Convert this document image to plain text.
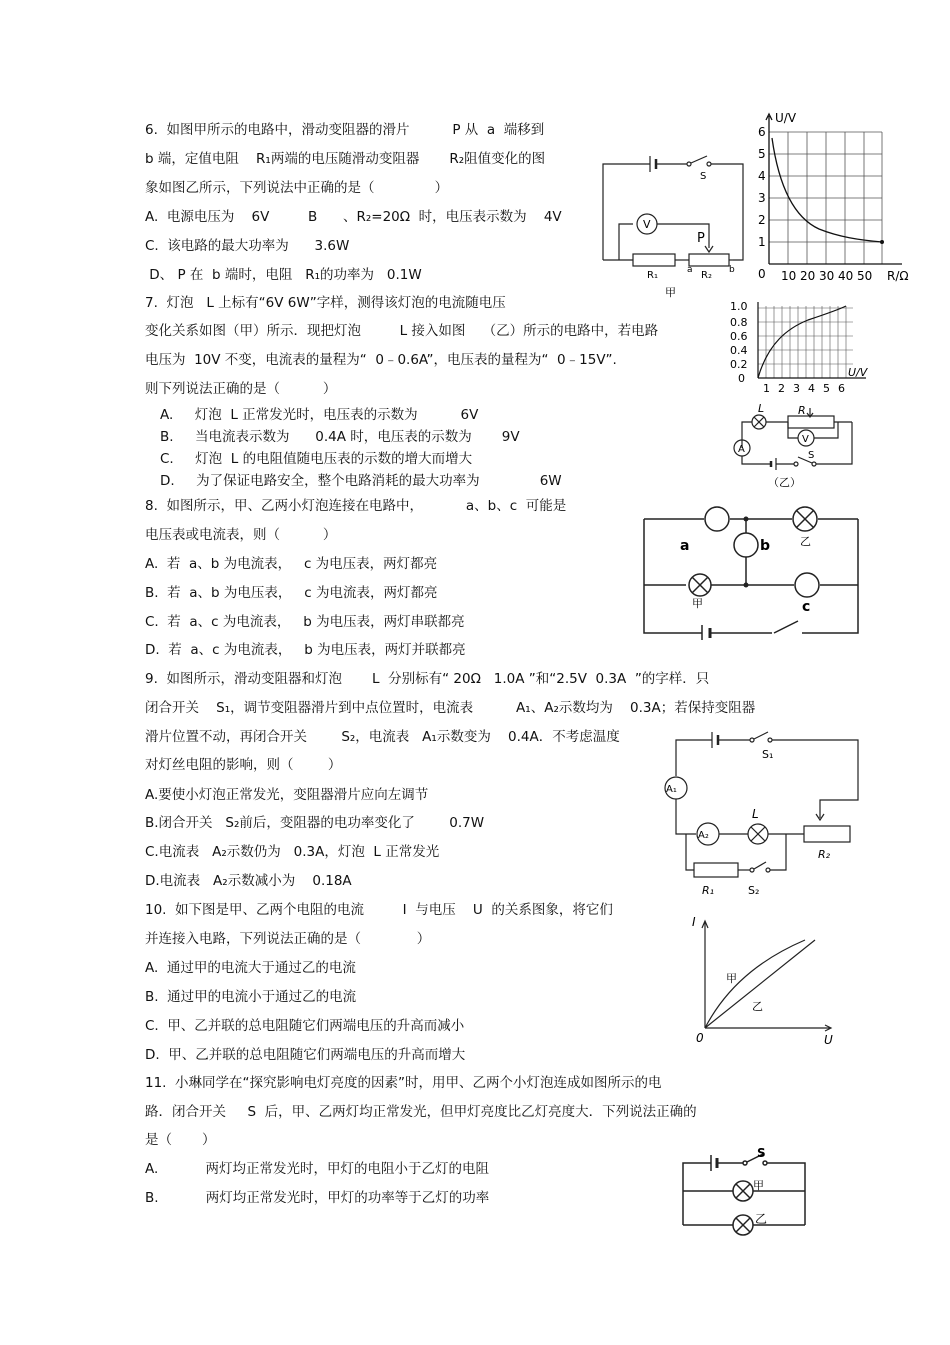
6.  如图甲所示的电路中，滑动变阻器的滑片          P 从  a  端移到
b 端，定值电阻    R₁两端的电压随滑动变阻器       R₂阻值变化的图
象如图乙所示，下列说法中正确的是（              ）
A.  电源电压为    6V         B      、R₂=20Ω  时，电压表示数为    4V
C.  该电路的最大功率为      3.6W
D、 P 在  b 端时，电阻   R₁的功率为   0.1W
S
V
P
R₁	a R₂ b
甲
U/V
R/Ω
0
1
2
3
4
5
6
10 20 30 40 50
7.  灯泡   L 上标有“6V 6W”字样，测得该灯泡的电流随电压
变化关系如图（甲）所示．现把灯泡         L 接入如图    （乙）所示的电路中，若电路
电压为  10V 不变，电流表的量程为“  0﹣0.6A”，电压表的量程为“  0﹣15V”.
则下列说法正确的是（          ）
A.     灯泡  L 正常发光时，电压表的示数为          6V
B.     当电流表示数为      0.4A 时，电压表的示数为       9V
C.     灯泡  L 的电阻值随电压表的示数的增大而增大
D.     为了保证电路安全，整个电路消耗的最大功率为              6W
0
0.2
0.4
0.6
0.8
1.0
1 2 3 4 5 6
U/V
L	R
V
A
S
（乙）
8.  如图所示，甲、乙两小灯泡连接在电路中，          a、b、c  可能是
电压表或电流表，则（          ）
A.  若  a、b 为电流表，   c 为电压表，两灯都亮
B.  若  a、b 为电压表，   c 为电流表，两灯都亮
C.  若  a、c 为电流表，   b 为电压表，两灯串联都亮
D.  若  a、c 为电流表，   b 为电压表，两灯并联都亮
a	b
c
乙
甲
9.  如图所示，滑动变阻器和灯泡       L  分别标有“ 20Ω   1.0A ”和“2.5V  0.3A  ”的字样．只
闭合开关    S₁，调节变阻器滑片到中点位置时，电流表          A₁、A₂示数均为    0.3A；若保持变阻器
滑片位置不动，再闭合开关        S₂，电流表   A₁示数变为    0.4A．不考虑温度
对灯丝电阻的影响，则（        ）
A.要使小灯泡正常发光，变阻器滑片应向左调节
B.闭合开关   S₂前后，变阻器的电功率变化了        0.7W
C.电流表   A₂示数仍为   0.3A，灯泡  L 正常发光
D.电流表   A₂示数减小为    0.18A
S₁
A₁
A₂
L
R₂
R₁	S₂
10.  如下图是甲、乙两个电阻的电流         I  与电压    U  的关系图象，将它们
并连接入电路，下列说法正确的是（             ）
A.  通过甲的电流大于通过乙的电流
B.  通过甲的电流小于通过乙的电流
C.  甲、乙并联的总电阻随它们两端电压的升高而减小
D.  甲、乙并联的总电阻随它们两端电压的升高而增大
I
U
0
甲
乙
11.  小琳同学在“探究影响电灯亮度的因素”时，用甲、乙两个小灯泡连成如图所示的电
路．闭合开关     S  后，甲、乙两灯均正常发光，但甲灯亮度比乙灯亮度大．下列说法正确的
是（       ）
A.           两灯均正常发光时，甲灯的电阻小于乙灯的电阻
B.           两灯均正常发光时，甲灯的功率等于乙灯的功率
S
甲
乙
